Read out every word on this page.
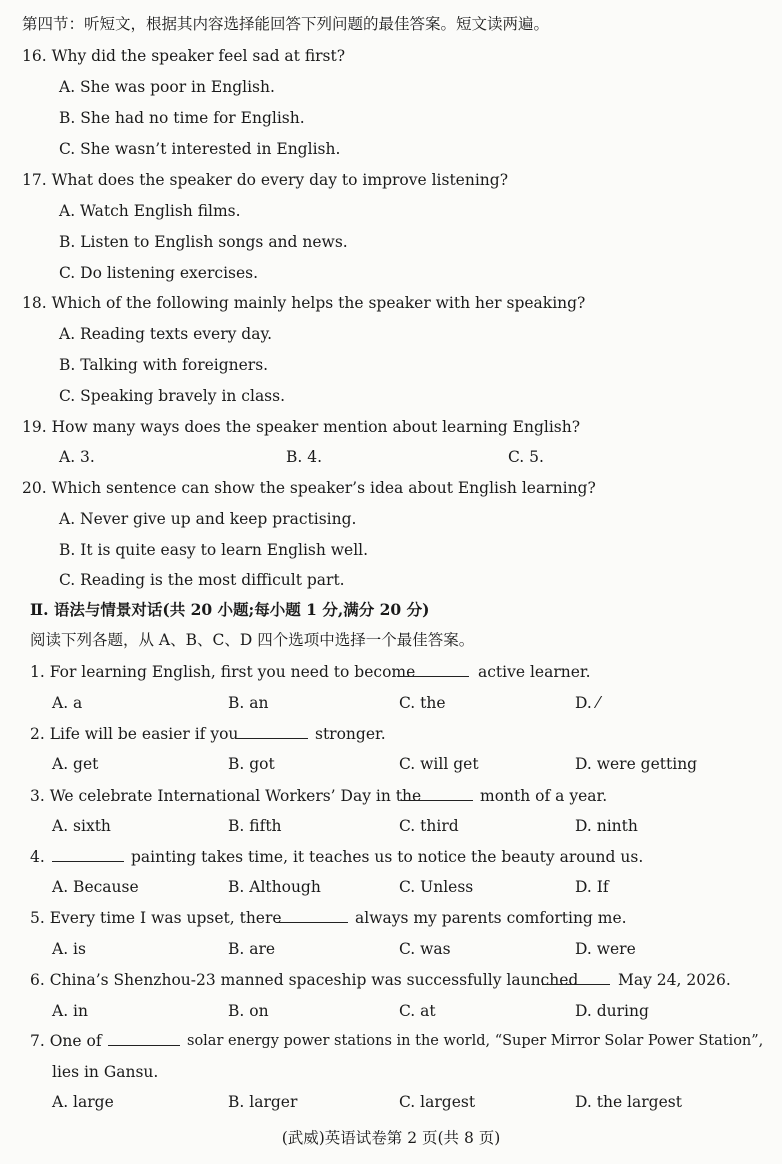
第四节：听短文，根据其内容选择能回答下列问题的最佳答案。短文读两遍。
16. Why did the speaker feel sad at first?
A. She was poor in English.
B. She had no time for English.
C. She wasn’t interested in English.
17. What does the speaker do every day to improve listening?
A. Watch English films.
B. Listen to English songs and news.
C. Do listening exercises.
18. Which of the following mainly helps the speaker with her speaking?
A. Reading texts every day.
B. Talking with foreigners.
C. Speaking bravely in class.
19. How many ways does the speaker mention about learning English?
A. 3.	B. 4.	C. 5.
20. Which sentence can show the speaker’s idea about English learning?
A. Never give up and keep practising.
B. It is quite easy to learn English well.
C. Reading is the most difficult part.
Ⅱ. 语法与情景对话(共 20 小题;每小题 1 分,满分 20 分)
阅读下列各题，从 A、B、C、D 四个选项中选择一个最佳答案。
1. For learning English, first you need to become	active learner.
A. a	B. an	C. the	D. ⁄
2. Life will be easier if you	stronger.
A. get	B. got	C. will get	D. were getting
3. We celebrate International Workers’ Day in the	month of a year.
A. sixth	B. fifth	C. third	D. ninth
4.	painting takes time, it teaches us to notice the beauty around us.
A. Because	B. Although	C. Unless	D. If
5. Every time I was upset, there	always my parents comforting me.
A. is	B. are	C. was	D. were
6. China’s Shenzhou-23 manned spaceship was successfully launched	May 24, 2026.
A. in	B. on	C. at	D. during
7. One of	solar energy power stations in the world, “Super Mirror Solar Power Station”,
lies in Gansu.
A. large	B. larger	C. largest	D. the largest
(武威)英语试卷第 2 页(共 8 页)
